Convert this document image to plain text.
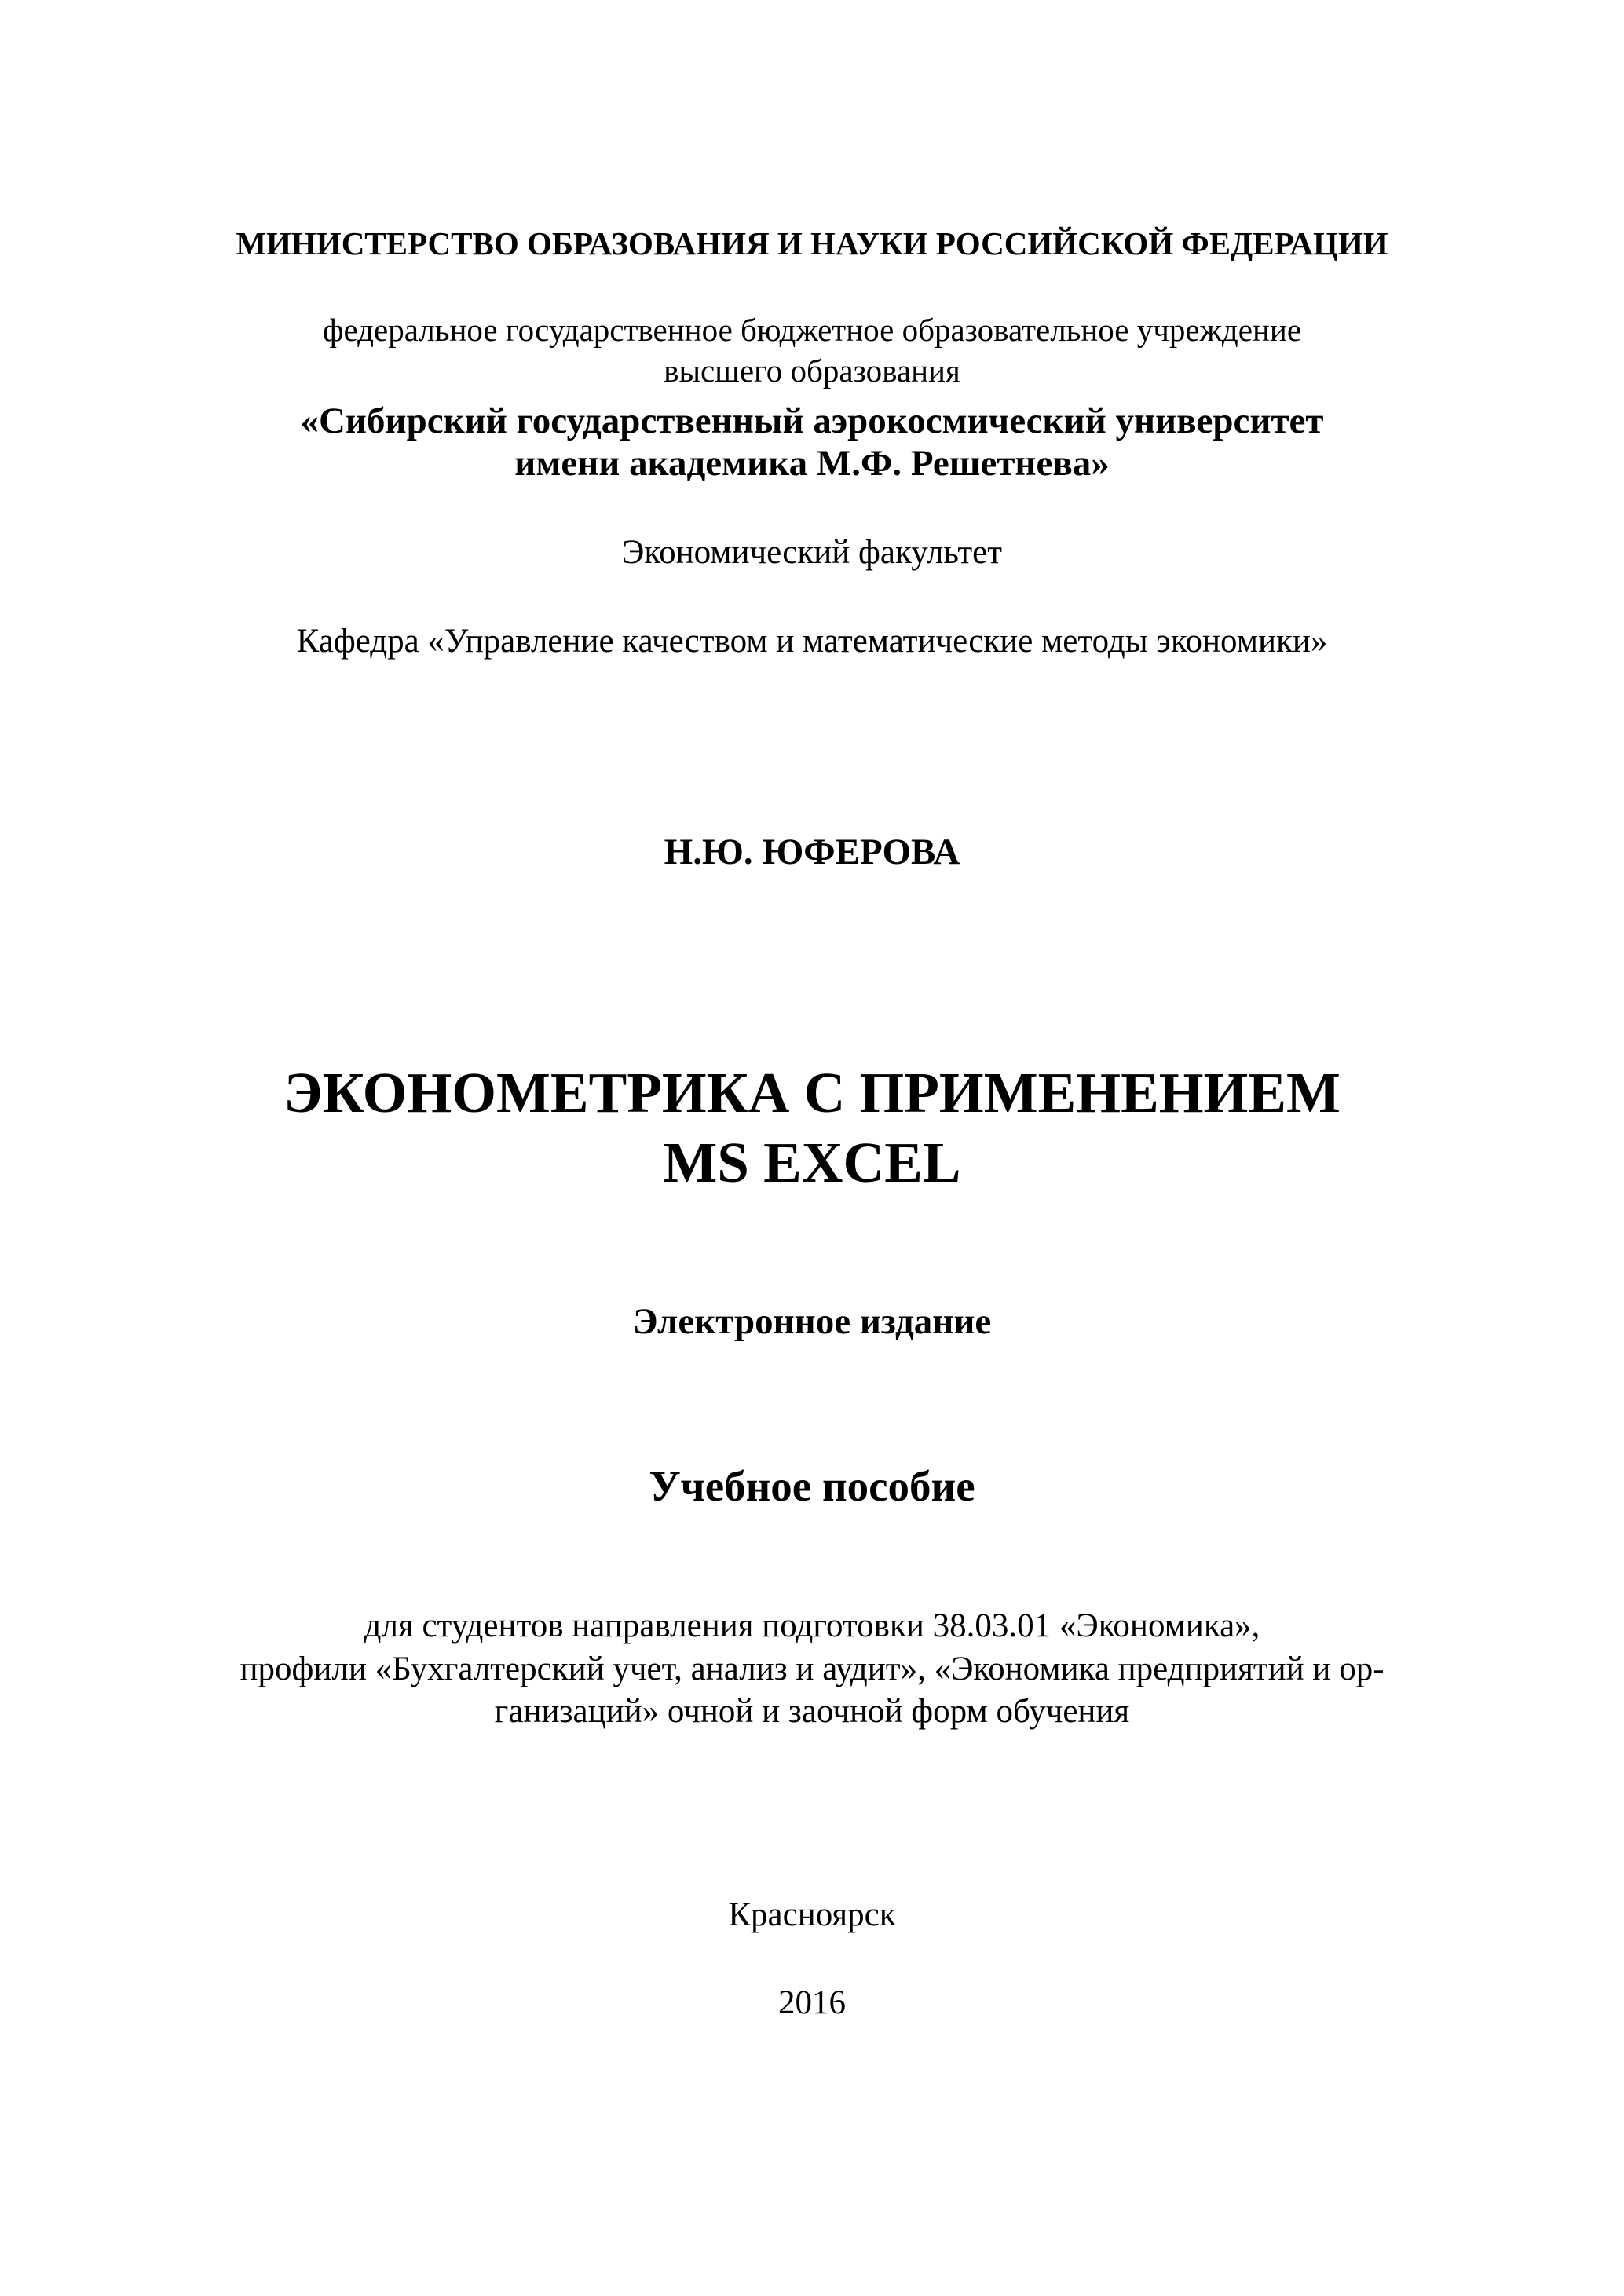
МИНИСТЕРСТВО ОБРАЗОВАНИЯ И НАУКИ РОССИЙСКОЙ ФЕДЕРАЦИИ
федеральное государственное бюджетное образовательное учреждение
высшего образования
«Сибирский государственный аэрокосмический университет
имени академика М.Ф. Решетнева»
Экономический факультет
Кафедра «Управление качеством и математические методы экономики»
Н.Ю. ЮФЕРОВА
ЭКОНОМЕТРИКА С ПРИМЕНЕНИЕМ
MS EXCEL
Электронное издание
Учебное пособие
для студентов направления подготовки 38.03.01 «Экономика»,
профили «Бухгалтерский учет, анализ и аудит», «Экономика предприятий и ор-
ганизаций» очной и заочной форм обучения
Красноярск
2016
